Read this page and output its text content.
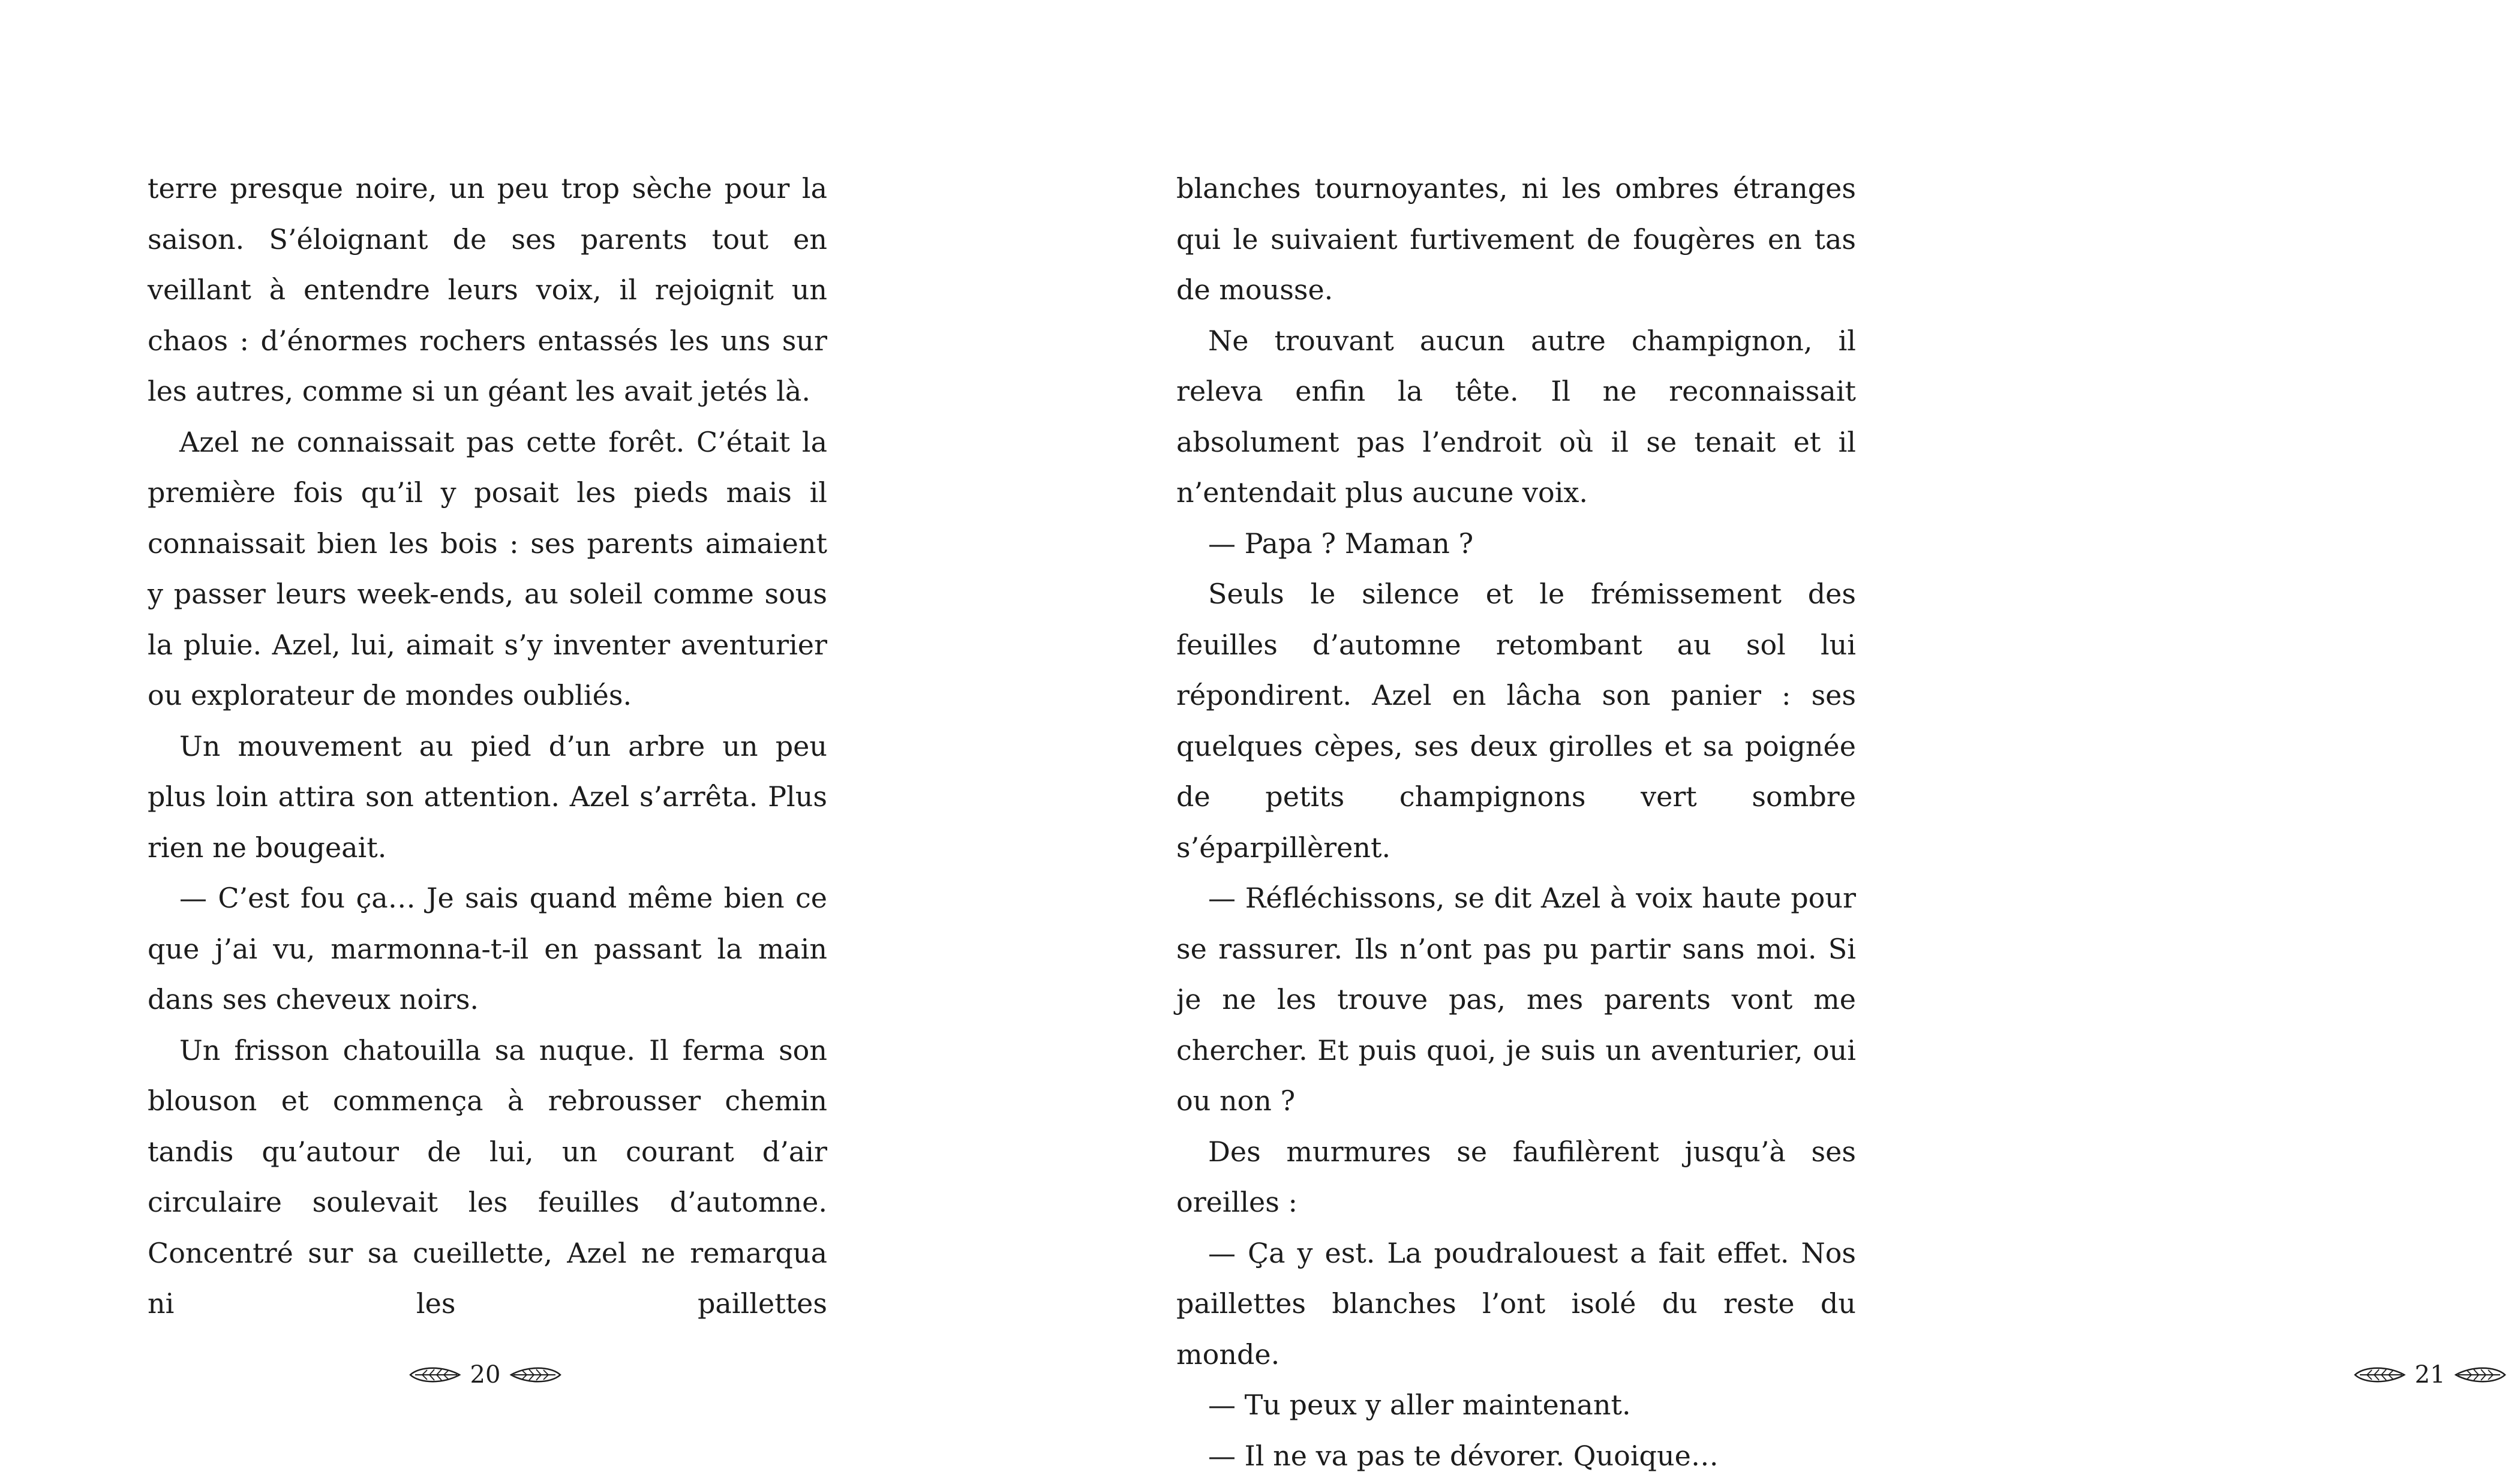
terre presque noire, un peu trop sèche pour la saison. S’éloignant de ses parents tout en veillant à entendre leurs voix, il rejoignit un chaos : d’énormes rochers entassés les uns sur les autres, comme si un géant les avait jetés là.

Azel ne connaissait pas cette forêt. C’était la première fois qu’il y posait les pieds mais il connaissait bien les bois : ses parents aimaient y passer leurs week-ends, au soleil comme sous la pluie. Azel, lui, aimait s’y inventer aventurier ou explorateur de mondes oubliés.

Un mouvement au pied d’un arbre un peu plus loin attira son attention. Azel s’arrêta. Plus rien ne bougeait.

— C’est fou ça… Je sais quand même bien ce que j’ai vu, marmonna-t-il en passant la main dans ses cheveux noirs.

Un frisson chatouilla sa nuque. Il ferma son blouson et commença à rebrousser chemin tandis qu’autour de lui, un courant d’air circulaire soulevait les feuilles d’automne. Concentré sur sa cueillette, Azel ne remarqua ni les paillettes

20

blanches tournoyantes, ni les ombres étranges qui le suivaient furtivement de fougères en tas de mousse.

Ne trouvant aucun autre champignon, il releva enfin la tête. Il ne reconnaissait absolument pas l’endroit où il se tenait et il n’entendait plus aucune voix.

— Papa ? Maman ?

Seuls le silence et le frémissement des feuilles d’automne retombant au sol lui répondirent. Azel en lâcha son panier : ses quelques cèpes, ses deux girolles et sa poignée de petits champignons vert sombre s’éparpillèrent.

— Réfléchissons, se dit Azel à voix haute pour se rassurer. Ils n’ont pas pu partir sans moi. Si je ne les trouve pas, mes parents vont me chercher. Et puis quoi, je suis un aventurier, oui ou non ?

Des murmures se faufilèrent jusqu’à ses oreilles :

— Ça y est. La poudralouest a fait effet. Nos paillettes blanches l’ont isolé du reste du monde.

— Tu peux y aller maintenant.

— Il ne va pas te dévorer. Quoique…

21
